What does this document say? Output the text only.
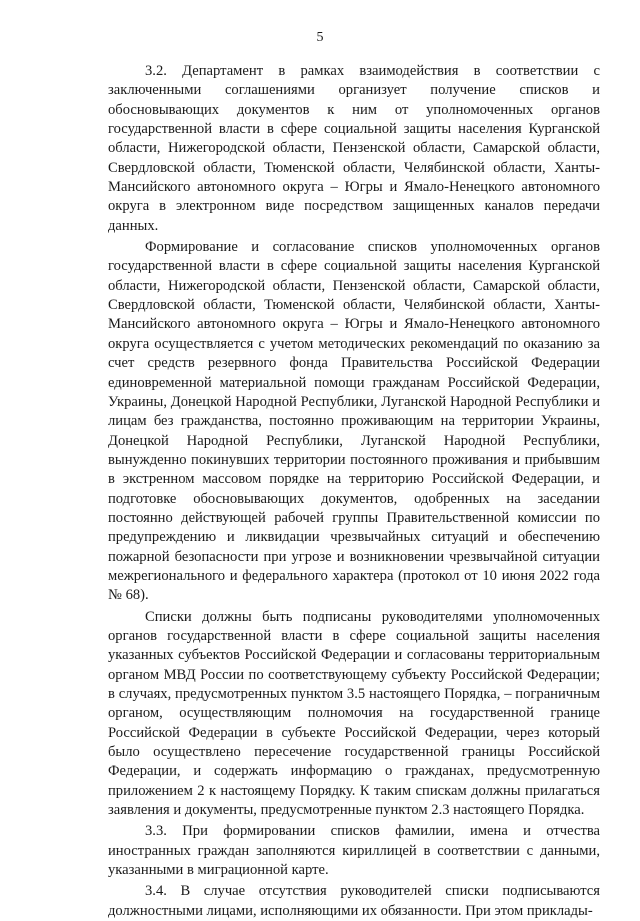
5

3.2. Департамент в рамках взаимодействия в соответствии с заключенными соглашениями организует получение списков и обосновывающих документов к ним от уполномоченных органов государственной власти в сфере социальной защиты населения Курганской области, Нижегородской области, Пензенской области, Самарской области, Свердловской области, Тюменской области, Челябинской области, Ханты-Мансийского автономного округа – Югры и Ямало-Ненецкого автономного округа в электронном виде посредством защищенных каналов передачи данных.

Формирование и согласование списков уполномоченных органов государственной власти в сфере социальной защиты населения Курганской области, Нижегородской области, Пензенской области, Самарской области, Свердловской области, Тюменской области, Челябинской области, Ханты-Мансийского автономного округа – Югры и Ямало-Ненецкого автономного округа осуществляется с учетом методических рекомендаций по оказанию за счет средств резервного фонда Правительства Российской Федерации единовременной материальной помощи гражданам Российской Федерации, Украины, Донецкой Народной Республики, Луганской Народной Республики и лицам без гражданства, постоянно проживающим на территории Украины, Донецкой Народной Республики, Луганской Народной Республики, вынужденно покинувших территории постоянного проживания и прибывшим в экстренном массовом порядке на территорию Российской Федерации, и подготовке обосновывающих документов, одобренных на заседании постоянно действующей рабочей группы Правительственной комиссии по предупреждению и ликвидации чрезвычайных ситуаций и обеспечению пожарной безопасности при угрозе и возникновении чрезвычайной ситуации межрегионального и федерального характера (протокол от 10 июня 2022 года № 68).

Списки должны быть подписаны руководителями уполномоченных органов государственной власти в сфере социальной защиты населения указанных субъектов Российской Федерации и согласованы территориальным органом МВД России по соответствующему субъекту Российской Федерации; в случаях, предусмотренных пунктом 3.5 настоящего Порядка, – пограничным органом, осуществляющим полномочия на государственной границе Российской Федерации в субъекте Российской Федерации, через который было осуществлено пересечение государственной границы Российской Федерации, и содержать информацию о гражданах, предусмотренную приложением 2 к настоящему Порядку. К таким спискам должны прилагаться заявления и документы, предусмотренные пунктом 2.3 настоящего Порядка.

3.3. При формировании списков фамилии, имена и отчества иностранных граждан заполняются кириллицей в соответствии с данными, указанными в миграционной карте.

3.4. В случае отсутствия руководителей списки подписываются должностными лицами, исполняющими их обязанности. При этом приклады-
